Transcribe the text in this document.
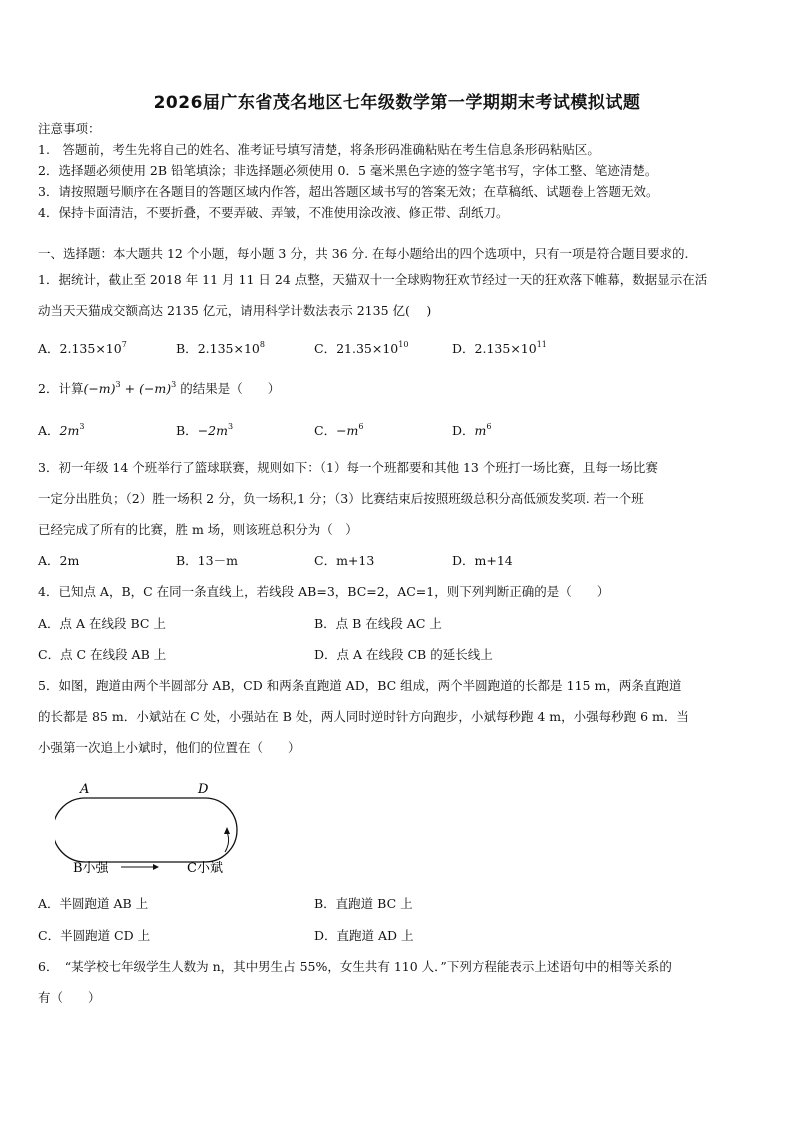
2026届广东省茂名地区七年级数学第一学期期末考试模拟试题
注意事项：
1.　答题前，考生先将自己的姓名、准考证号填写清楚，将条形码准确粘贴在考生信息条形码粘贴区。
2．选择题必须使用 2B 铅笔填涂；非选择题必须使用 0．5 毫米黑色字迹的签字笔书写，字体工整、笔迹清楚。
3．请按照题号顺序在各题目的答题区域内作答，超出答题区域书写的答案无效；在草稿纸、试题卷上答题无效。
4．保持卡面清洁，不要折叠，不要弄破、弄皱，不准使用涂改液、修正带、刮纸刀。
一、选择题：本大题共 12 个小题，每小题 3 分，共 36 分. 在每小题给出的四个选项中，只有一项是符合题目要求的.
1．据统计，截止至 2018 年 11 月 11 日 24 点整，天猫双十一全球购物狂欢节经过一天的狂欢落下帷幕，数据显示在活
动当天天猫成交额高达 2135 亿元，请用科学计数法表示 2135 亿(　 )
A．$2.135\times 10^7$	B．$2.135\times 10^8$	C．$21.35\times 10^{10}$	D．$2.135\times 10^{11}$
2．计算$(-m)^3 + (-m)^3$ 的结果是（　　）
A．$2m^3$	B．$-2m^3$	C．$-m^6$	D．$m^6$
3．初一年级 14 个班举行了篮球联赛，规则如下：（1）每一个班都要和其他 13 个班打一场比赛，且每一场比赛
一定分出胜负；（2）胜一场积 2 分，负一场积,1 分；（3）比赛结束后按照班级总积分高低颁发奖项. 若一个班
已经完成了所有的比赛，胜 m 场，则该班总积分为（　）
A．2m	B．13－m	C．m+13	D．m+14
4．已知点 A，B，C 在同一条直线上，若线段 AB=3，BC=2，AC=1，则下列判断正确的是（　　）
A．点 A 在线段 BC 上	B．点 B 在线段 AC 上
C．点 C 在线段 AB 上	D．点 A 在线段 CB 的延长线上
5．如图，跑道由两个半圆部分 AB，CD 和两条直跑道 AD，BC 组成，两个半圆跑道的长都是 115 m，两条直跑道
的长都是 85 m．小斌站在 C 处，小强站在 B 处，两人同时逆时针方向跑步，小斌每秒跑 4 m，小强每秒跑 6 m．当
小强第一次追上小斌时，他们的位置在（　　）
A	D
B小强	C小斌
A．半圆跑道 AB 上	B．直跑道 BC 上
C．半圆跑道 CD 上	D．直跑道 AD 上
6．　“某学校七年级学生人数为 n，其中男生占 55%，女生共有 110 人．”下列方程能表示上述语句中的相等关系的
有（　　）
